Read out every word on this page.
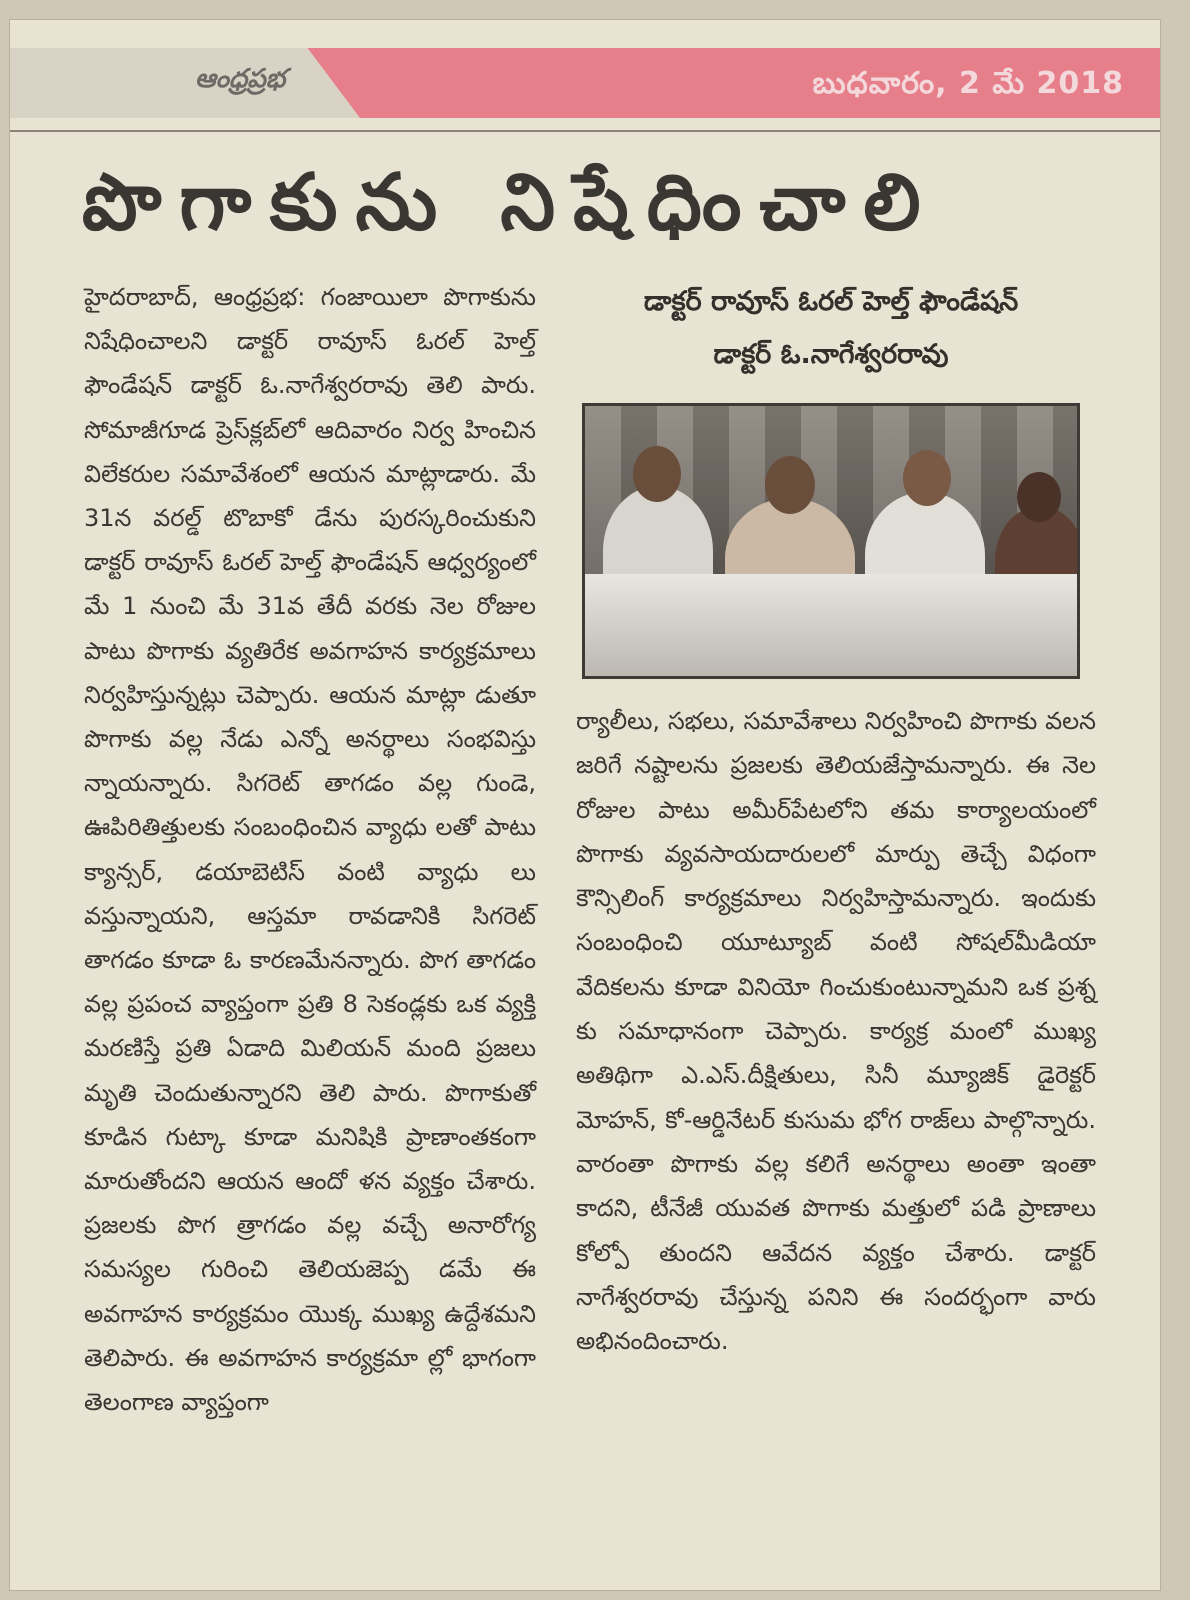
ఆంధ్రప్రభ	బుధవారం, 2 మే 2018
పొగాకును నిషేధించాలి

హైదరాబాద్, ఆంధ్రప్రభ: గంజాయిలా పొగాకును నిషేధించాలని డాక్టర్ రావూస్ ఓరల్ హెల్త్ ఫౌండేషన్ డాక్టర్ ఓ.నాగేశ్వరరావు తెలి పారు. సోమాజీగూడ ప్రెస్‌క్లబ్‌లో ఆదివారం నిర్వ హించిన విలేకరుల సమావేశంలో ఆయన మాట్లాడారు. మే 31న వరల్డ్ టొబాకో డేను పురస్కరించుకుని డాక్టర్ రావూస్ ఓరల్ హెల్త్ ఫౌండేషన్ ఆధ్వర్యంలో మే 1 నుంచి మే 31వ తేదీ వరకు నెల రోజుల పాటు పొగాకు వ్యతిరేక అవగాహన కార్యక్రమాలు నిర్వహిస్తున్నట్లు చెప్పారు. ఆయన మాట్లా డుతూ పొగాకు వల్ల నేడు ఎన్నో అనర్థాలు సంభవిస్తు న్నాయన్నారు. సిగరెట్ తాగడం వల్ల గుండె, ఊపిరితిత్తులకు సంబంధించిన వ్యాధు లతో పాటు క్యాన్సర్, డయాబెటిస్ వంటి వ్యాధు లు వస్తున్నాయని, ఆస్తమా రావడానికి సిగరెట్ తాగడం కూడా ఓ కారణమేనన్నారు. పొగ తాగడం వల్ల ప్రపంచ వ్యాప్తంగా ప్రతి 8 సెకండ్లకు ఒక వ్యక్తి మరణిస్తే ప్రతి ఏడాది మిలియన్ మంది ప్రజలు మృతి చెందుతున్నారని తెలి పారు. పొగాకుతో కూడిన గుట్కా కూడా మనిషికి ప్రాణాంతకంగా మారుతోందని ఆయన ఆందో ళన వ్యక్తం చేశారు. ప్రజలకు పొగ త్రాగడం వల్ల వచ్చే అనారోగ్య సమస్యల గురించి తెలియజెప్ప డమే ఈ అవగాహన కార్యక్రమం యొక్క ముఖ్య ఉద్దేశమని తెలిపారు. ఈ అవగాహన కార్యక్రమా ల్లో భాగంగా తెలంగాణ వ్యాప్తంగా

డాక్టర్ రావూస్ ఓరల్ హెల్త్ ఫౌండేషన్
డాక్టర్ ఓ.నాగేశ్వరరావు

ర్యాలీలు, సభలు, సమావేశాలు నిర్వహించి పొగాకు వలన జరిగే నష్టాలను ప్రజలకు తెలియజేస్తామన్నారు. ఈ నెల రోజుల పాటు అమీర్‌పేటలోని తమ కార్యాలయంలో పొగాకు వ్యవసాయదారులలో మార్పు తెచ్చే విధంగా కౌన్సిలింగ్ కార్యక్రమాలు నిర్వహిస్తామన్నారు. ఇందుకు సంబంధించి యూట్యూబ్ వంటి సోషల్‌మీడియా వేదికలను కూడా వినియో గించుకుంటున్నామని ఒక ప్రశ్న కు సమాధానంగా చెప్పారు. కార్యక్ర మంలో ముఖ్య అతిథిగా ఎ.ఎస్.దీక్షితులు, సినీ మ్యూజిక్ డైరెక్టర్ మోహన్, కో-ఆర్డినేటర్ కుసుమ భోగ రాజ్‌లు పాల్గొన్నారు. వారంతా పొగాకు వల్ల కలిగే అనర్థాలు అంతా ఇంతా కాదని, టీనేజీ యువత పొగాకు మత్తులో పడి ప్రాణాలు కోల్పో తుందని ఆవేదన వ్యక్తం చేశారు. డాక్టర్ నాగేశ్వరరావు చేస్తున్న పనిని ఈ సందర్భంగా వారు అభినందించారు.
